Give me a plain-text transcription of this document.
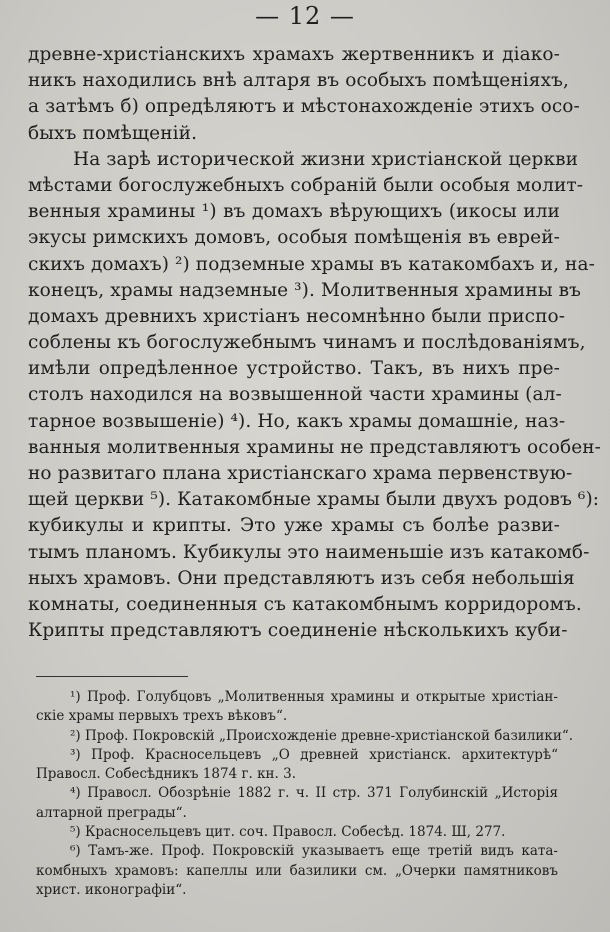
— 12 —
древне-христіанскихъ храмахъ жертвенникъ и діако-
никъ находились внѣ алтаря въ особыхъ помѣщеніяхъ,
а затѣмъ б) опредѣляютъ и мѣстонахожденіе этихъ осо-
быхъ помѣщеній.
На зарѣ исторической жизни христіанской церкви
мѣстами богослужебныхъ собраній были особыя молит-
венныя храмины ¹) въ домахъ вѣрующихъ (икосы или
экусы римскихъ домовъ, особыя помѣщенія въ еврей-
скихъ домахъ) ²) подземные храмы въ катакомбахъ и, на-
конецъ, храмы надземные ³). Молитвенныя храмины въ
домахъ древнихъ христіанъ несомнѣнно были приспо-
соблены къ богослужебнымъ чинамъ и послѣдованіямъ,
имѣли опредѣленное устройство. Такъ, въ нихъ пре-
столъ находился на возвышенной части храмины (ал-
тарное возвышеніе) ⁴). Но, какъ храмы домашніе, наз-
ванныя молитвенныя храмины не представляютъ особен-
но развитаго плана христіанскаго храма первенствую-
щей церкви ⁵). Катакомбные храмы были двухъ родовъ ⁶):
кубикулы и крипты. Это уже храмы съ болѣе разви-
тымъ планомъ. Кубикулы это наименьшіе изъ катакомб-
ныхъ храмовъ. Они представляютъ изъ себя небольшія
комнаты, соединенныя съ катакомбнымъ корридоромъ.
Крипты представляютъ соединеніе нѣсколькихъ куби-
¹) Проф. Голубцовъ „Молитвенныя храмины и открытые христіан-
скіе храмы первыхъ трехъ вѣковъ“.
²) Проф. Покровскій „Происхожденіе древне-христіанской базилики“.
³) Проф. Красносельцевъ „О древней христіанск. архитектурѣ“
Правосл. Собесѣдникъ 1874 г. кн. 3.
⁴) Правосл. Обозрѣніе 1882 г. ч. II стр. 371 Голубинскій „Исторія
алтарной преграды“.
⁵) Красносельцевъ цит. соч. Правосл. Собесѣд. 1874. Ш, 277.
⁶) Тамъ-же. Проф. Покровскій указываетъ еще третій видъ ката-
комбныхъ храмовъ: капеллы или базилики см. „Очерки памятниковъ
христ. иконографіи“.
